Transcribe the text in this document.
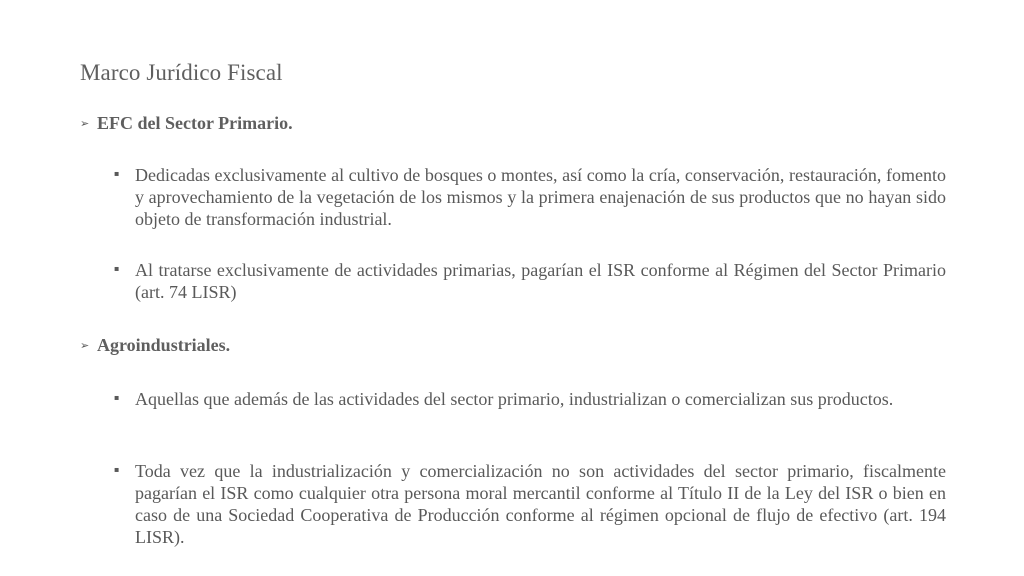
Marco Jurídico Fiscal
➢ EFC del Sector Primario.
▪ Dedicadas exclusivamente al cultivo de bosques o montes, así como la cría, conservación, restauración, fomento y aprovechamiento de la vegetación de los mismos y la primera enajenación de sus productos que no hayan sido objeto de transformación industrial.

▪ Al tratarse exclusivamente de actividades primarias, pagarían el ISR conforme al Régimen del Sector Primario (art. 74 LISR)

➢ Agroindustriales.
▪ Aquellas que además de las actividades del sector primario, industrializan o comercializan sus productos.

▪ Toda vez que la industrialización y comercialización no son actividades del sector primario, fiscalmente pagarían el ISR como cualquier otra persona moral mercantil conforme al Título II de la Ley del ISR o bien en caso de una Sociedad Cooperativa de Producción conforme al régimen opcional de flujo de efectivo (art. 194 LISR).
